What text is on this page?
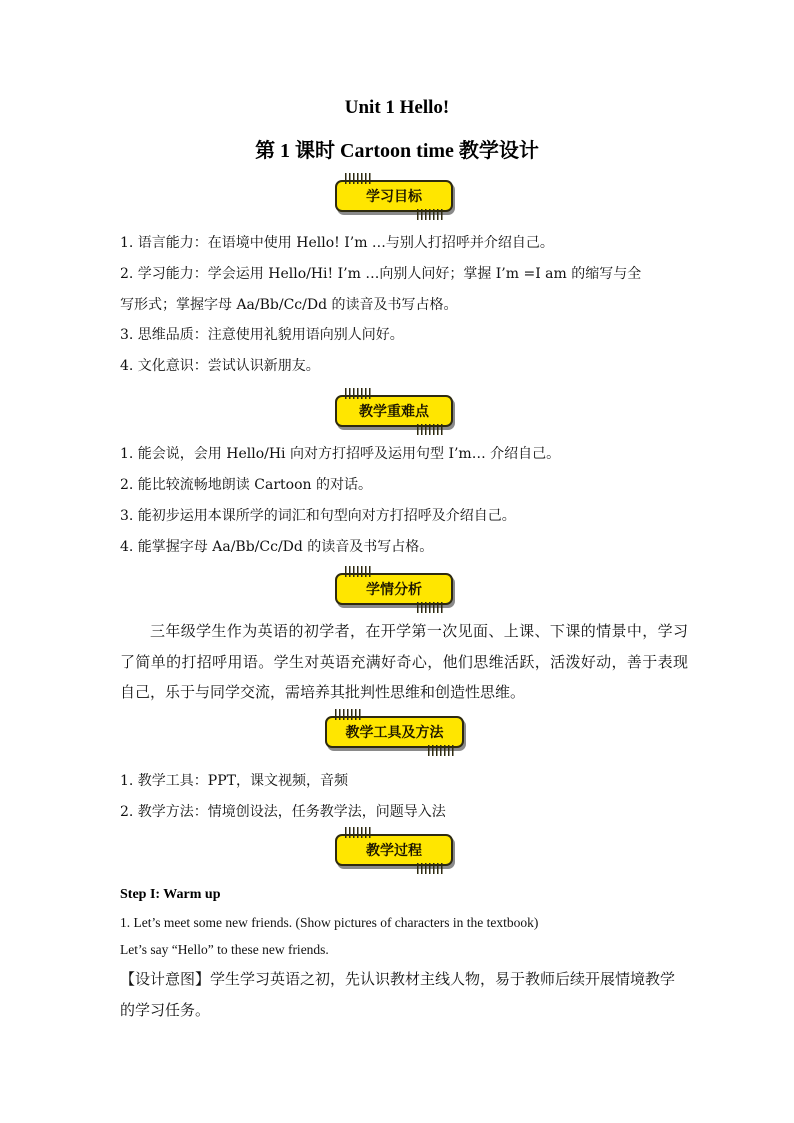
Unit 1 Hello!
第 1 课时 Cartoon time 教学设计
学习目标
1. 语言能力：在语境中使用 Hello! I’m …与别人打招呼并介绍自己。
2. 学习能力：学会运用 Hello/Hi! I’m …向别人问好；掌握 I’m =I am 的缩写与全
写形式；掌握字母 Aa/Bb/Cc/Dd 的读音及书写占格。
3. 思维品质：注意使用礼貌用语向别人问好。
4. 文化意识：尝试认识新朋友。
教学重难点
1. 能会说，会用 Hello/Hi 向对方打招呼及运用句型 I’m… 介绍自己。
2. 能比较流畅地朗读 Cartoon 的对话。
3. 能初步运用本课所学的词汇和句型向对方打招呼及介绍自己。
4. 能掌握字母 Aa/Bb/Cc/Dd 的读音及书写占格。
学情分析
三年级学生作为英语的初学者，在开学第一次见面、上课、下课的情景中，学习了简单的打招呼用语。学生对英语充满好奇心，他们思维活跃，活泼好动，善于表现自己，乐于与同学交流，需培养其批判性思维和创造性思维。
教学工具及方法
1. 教学工具：PPT，课文视频，音频
2. 教学方法：情境创设法，任务教学法，问题导入法
教学过程
Step I: Warm up
1. Let’s meet some new friends. (Show pictures of characters in the textbook)
Let’s say “Hello” to these new friends.
【设计意图】学生学习英语之初，先认识教材主线人物，易于教师后续开展情境教学的学习任务。
